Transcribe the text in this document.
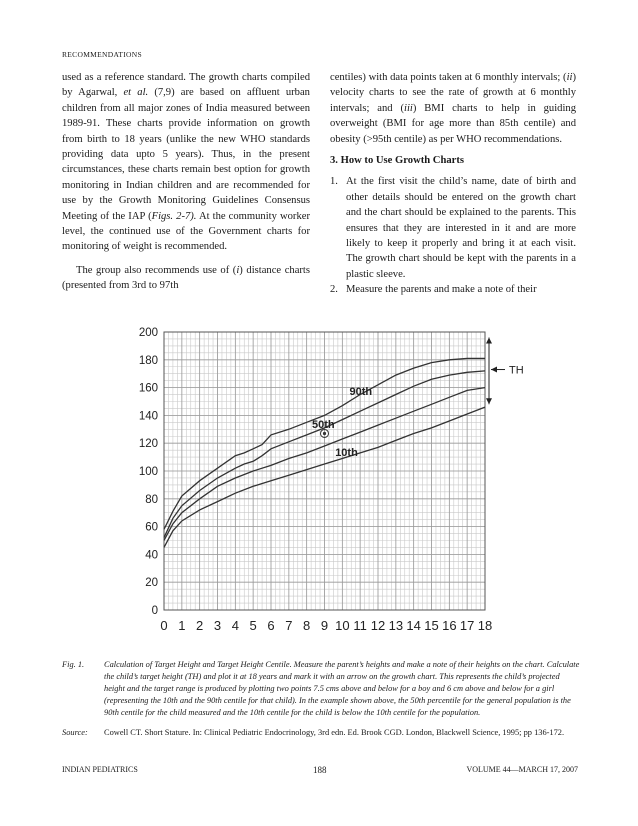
RECOMMENDATIONS

used as a reference standard. The growth charts compiled by Agarwal, et al. (7,9) are based on affluent urban children from all major zones of India measured between 1989-91. These charts provide information on growth from birth to 18 years (unlike the new WHO standards providing data upto 5 years). Thus, in the present circumstances, these charts remain best option for growth monitoring in Indian children and are recommended for use by the Growth Monitoring Guidelines Consensus Meeting of the IAP (Figs. 2-7). At the community worker level, the continued use of the Government charts for monitoring of weight is recommended.

The group also recommends use of (i) distance charts (presented from 3rd to 97th

centiles) with data points taken at 6 monthly intervals; (ii) velocity charts to see the rate of growth at 6 monthly intervals; and (iii) BMI charts to help in guiding overweight (BMI for age more than 85th centile) and obesity (>95th centile) as per WHO recommendations.

3. How to Use Growth Charts

1. At the first visit the child’s name, date of birth and other details should be entered on the growth chart and the chart should be explained to the parents. This ensures that they are interested in it and are more likely to keep it properly and bring it at each visit. The growth chart should be kept with the parents in a plastic sleeve.
2. Measure the parents and make a note of their
0
20
40
60
80
100
120
140
160
180
200
0 1 2 3 4 5 6 7 8 9 10 11 12 13 14 15 16 17 18
90th
50th
10th
TH
Fig. 1.	Calculation of Target Height and Target Height Centile. Measure the parent’s heights and make a note of their heights on the chart. Calculate the child’s target height (TH) and plot it at 18 years and mark it with an arrow on the growth chart. This represents the child’s projected height and the target range is produced by plotting two points 7.5 cms above and below for a boy and 6 cm above and below for a girl (representing the 10th and the 90th centile for that child). In the example shown above, the 50th percentile for the general population is the 90th centile for the child measured and the 10th centile for the child is below the 10th centile for the population.
Source:	Cowell CT. Short Stature. In: Clinical Pediatric Endocrinology, 3rd edn. Ed. Brook CGD. London, Blackwell Science, 1995; pp 136-172.
INDIAN PEDIATRICS	188	VOLUME 44—MARCH 17, 2007
